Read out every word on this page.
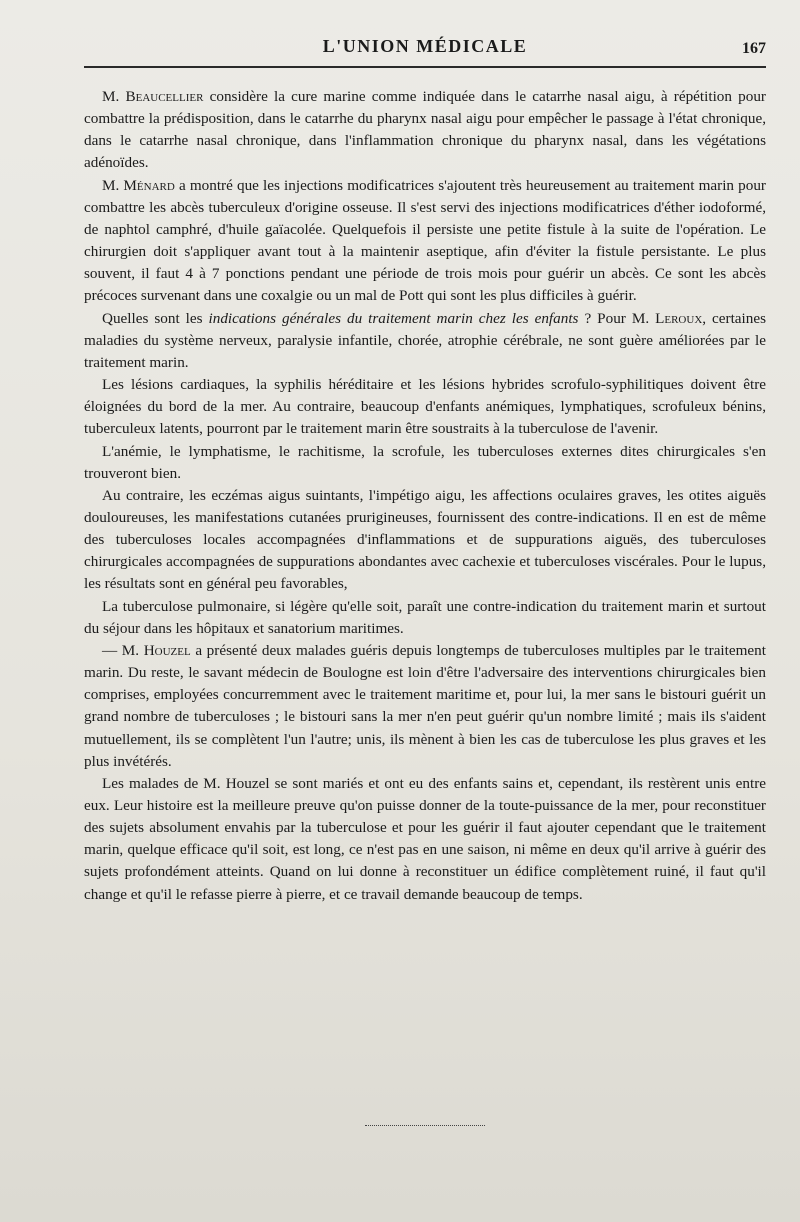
L'UNION MÉDICALE	167

M. Beaucellier considère la cure marine comme indiquée dans le catarrhe nasal aigu, à répétition pour combattre la prédisposition, dans le catarrhe du pharynx nasal aigu pour empêcher le passage à l'état chronique, dans le catarrhe nasal chronique, dans l'inflammation chronique du pharynx nasal, dans les végétations adénoïdes.

M. Ménard a montré que les injections modificatrices s'ajoutent très heureusement au traitement marin pour combattre les abcès tuberculeux d'origine osseuse. Il s'est servi des injections modificatrices d'éther iodoformé, de naphtol camphré, d'huile gaïacolée. Quelquefois il persiste une petite fistule à la suite de l'opération. Le chirurgien doit s'appliquer avant tout à la maintenir aseptique, afin d'éviter la fistule persistante. Le plus souvent, il faut 4 à 7 ponctions pendant une période de trois mois pour guérir un abcès. Ce sont les abcès précoces survenant dans une coxalgie ou un mal de Pott qui sont les plus difficiles à guérir.

Quelles sont les indications générales du traitement marin chez les enfants ? Pour M. Leroux, certaines maladies du système nerveux, paralysie infantile, chorée, atrophie cérébrale, ne sont guère améliorées par le traitement marin.

Les lésions cardiaques, la syphilis héréditaire et les lésions hybrides scrofulo-syphilitiques doivent être éloignées du bord de la mer. Au contraire, beaucoup d'enfants anémiques, lymphatiques, scrofuleux bénins, tuberculeux latents, pourront par le traitement marin être soustraits à la tuberculose de l'avenir.

L'anémie, le lymphatisme, le rachitisme, la scrofule, les tuberculoses externes dites chirurgicales s'en trouveront bien.

Au contraire, les eczémas aigus suintants, l'impétigo aigu, les affections oculaires graves, les otites aiguës douloureuses, les manifestations cutanées prurigineuses, fournissent des contre-indications. Il en est de même des tuberculoses locales accompagnées d'inflammations et de suppurations aiguës, des tuberculoses chirurgicales accompagnées de suppurations abondantes avec cachexie et tuberculoses viscérales. Pour le lupus, les résultats sont en général peu favorables,

La tuberculose pulmonaire, si légère qu'elle soit, paraît une contre-indication du traitement marin et surtout du séjour dans les hôpitaux et sanatorium maritimes.

— M. Houzel a présenté deux malades guéris depuis longtemps de tuberculoses multiples par le traitement marin. Du reste, le savant médecin de Boulogne est loin d'être l'adversaire des interventions chirurgicales bien comprises, employées concurremment avec le traitement maritime et, pour lui, la mer sans le bistouri guérit un grand nombre de tuberculoses ; le bistouri sans la mer n'en peut guérir qu'un nombre limité ; mais ils s'aident mutuellement, ils se complètent l'un l'autre; unis, ils mènent à bien les cas de tuberculose les plus graves et les plus invétérés.

Les malades de M. Houzel se sont mariés et ont eu des enfants sains et, cependant, ils restèrent unis entre eux. Leur histoire est la meilleure preuve qu'on puisse donner de la toute-puissance de la mer, pour reconstituer des sujets absolument envahis par la tuberculose et pour les guérir il faut ajouter cependant que le traitement marin, quelque efficace qu'il soit, est long, ce n'est pas en une saison, ni même en deux qu'il arrive à guérir des sujets profondément atteints. Quand on lui donne à reconstituer un édifice complètement ruiné, il faut qu'il change et qu'il le refasse pierre à pierre, et ce travail demande beaucoup de temps.
